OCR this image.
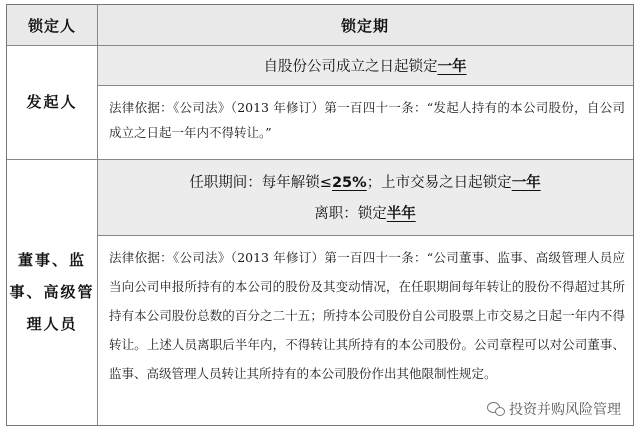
锁定人	锁定期
发起人
自股份公司成立之日起锁定一年
法律依据：《公司法》（2013 年修订）第一百四十一条：“发起人持有的本公司股份，自公司成立之日起一年内不得转让。”
董事、监
事、高级管
理人员
任职期间：每年解锁≤25%；上市交易之日起锁定一年
离职：锁定半年
法律依据：《公司法》（2013 年修订）第一百四十一条：“公司董事、监事、高级管理人员应当向公司申报所持有的本公司的股份及其变动情况，在任职期间每年转让的股份不得超过其所持有本公司股份总数的百分之二十五；所持本公司股份自公司股票上市交易之日起一年内不得转让。上述人员离职后半年内，不得转让其所持有的本公司股份。公司章程可以对公司董事、监事、高级管理人员转让其所持有的本公司股份作出其他限制性规定。
投资并购风险管理
